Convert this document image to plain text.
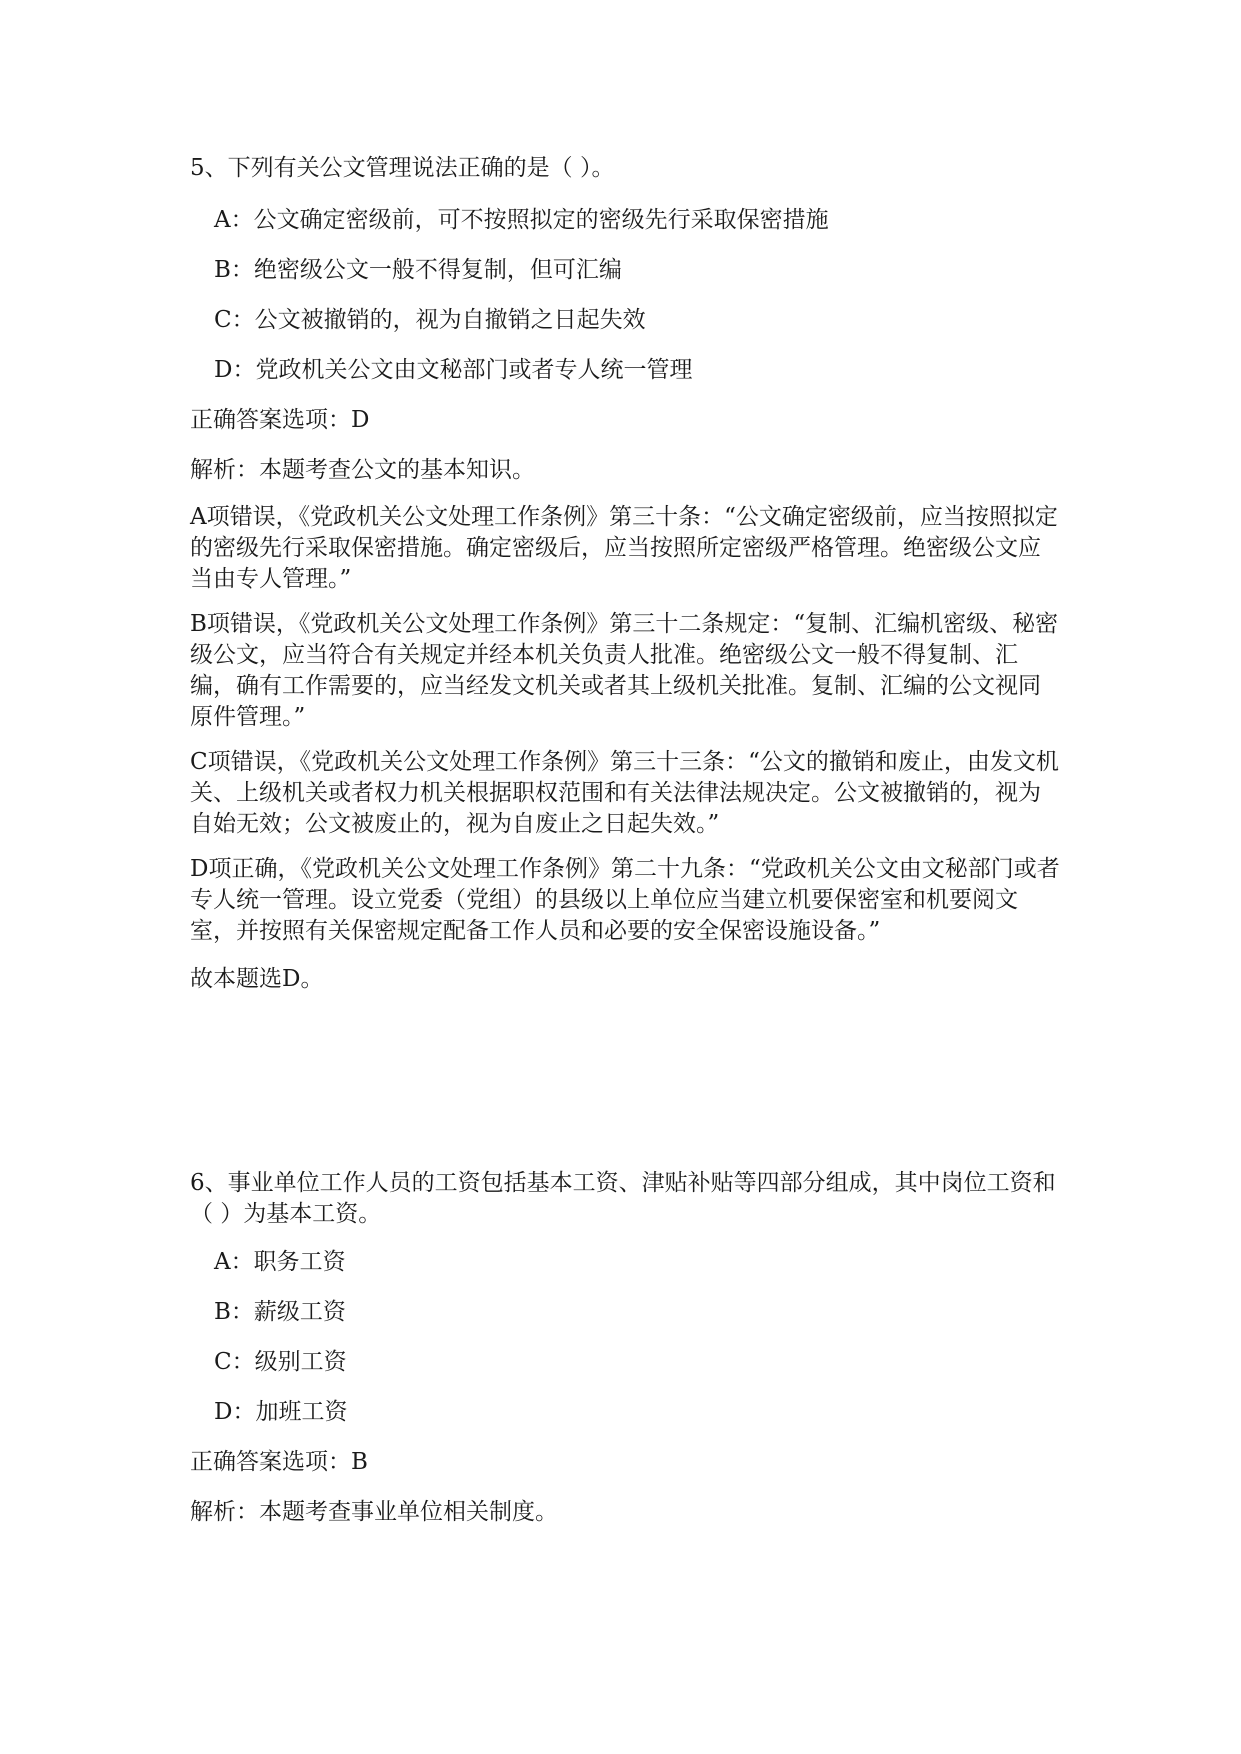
5、下列有关公文管理说法正确的是（ ）。

A：公文确定密级前，可不按照拟定的密级先行采取保密措施

B：绝密级公文一般不得复制，但可汇编

C：公文被撤销的，视为自撤销之日起失效

D：党政机关公文由文秘部门或者专人统一管理

正确答案选项：D

解析：本题考查公文的基本知识。

A项错误，《党政机关公文处理工作条例》第三十条：“公文确定密级前，应当按照拟定的密级先行采取保密措施。确定密级后，应当按照所定密级严格管理。绝密级公文应当由专人管理。”

B项错误，《党政机关公文处理工作条例》第三十二条规定：“复制、汇编机密级、秘密级公文，应当符合有关规定并经本机关负责人批准。绝密级公文一般不得复制、汇编，确有工作需要的，应当经发文机关或者其上级机关批准。复制、汇编的公文视同原件管理。”

C项错误，《党政机关公文处理工作条例》第三十三条：“公文的撤销和废止，由发文机关、上级机关或者权力机关根据职权范围和有关法律法规决定。公文被撤销的，视为自始无效；公文被废止的，视为自废止之日起失效。”

D项正确，《党政机关公文处理工作条例》第二十九条：“党政机关公文由文秘部门或者专人统一管理。设立党委（党组）的县级以上单位应当建立机要保密室和机要阅文室，并按照有关保密规定配备工作人员和必要的安全保密设施设备。”

故本题选D。

6、事业单位工作人员的工资包括基本工资、津贴补贴等四部分组成，其中岗位工资和（ ）为基本工资。

A：职务工资

B：薪级工资

C：级别工资

D：加班工资

正确答案选项：B

解析：本题考查事业单位相关制度。
